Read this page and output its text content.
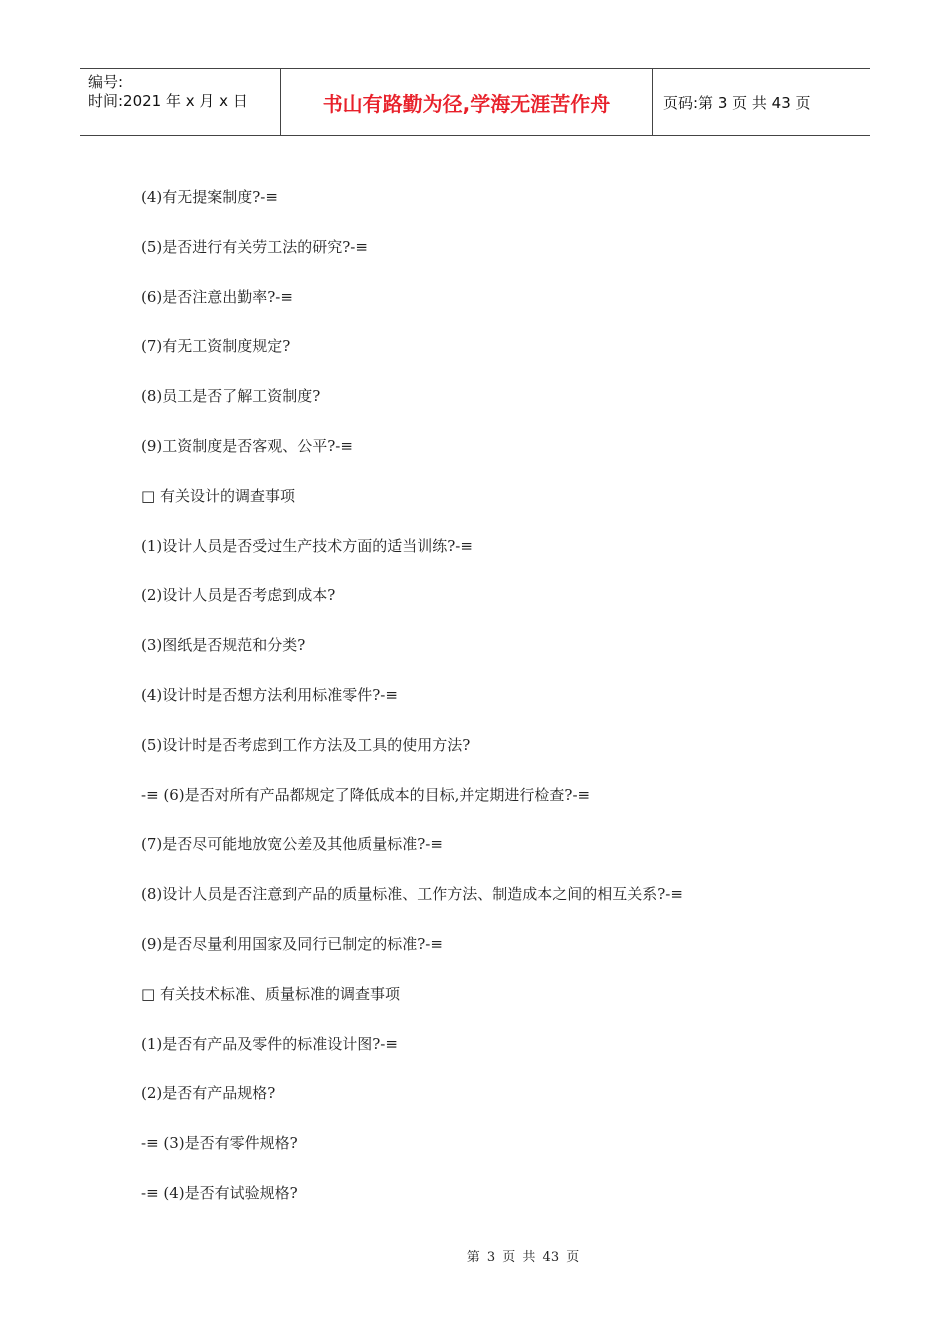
编号:
时间:2021 年 x 月 x 日	书山有路勤为径,学海无涯苦作舟	页码:第 3 页 共 43 页
(4)有无提案制度?-≡
(5)是否进行有关劳工法的研究?-≡
(6)是否注意出勤率?-≡
(7)有无工资制度规定?
(8)员工是否了解工资制度?
(9)工资制度是否客观、公平?-≡
□ 有关设计的调查事项
(1)设计人员是否受过生产技术方面的适当训练?-≡
(2)设计人员是否考虑到成本?
(3)图纸是否规范和分类?
(4)设计时是否想方法利用标准零件?-≡
(5)设计时是否考虑到工作方法及工具的使用方法?
-≡ (6)是否对所有产品都规定了降低成本的目标,并定期进行检查?-≡
(7)是否尽可能地放宽公差及其他质量标准?-≡
(8)设计人员是否注意到产品的质量标准、工作方法、制造成本之间的相互关系?-≡
(9)是否尽量利用国家及同行已制定的标准?-≡
□ 有关技术标准、质量标准的调查事项
(1)是否有产品及零件的标准设计图?-≡
(2)是否有产品规格?
-≡ (3)是否有零件规格?
-≡ (4)是否有试验规格?
第 3 页 共 43 页
